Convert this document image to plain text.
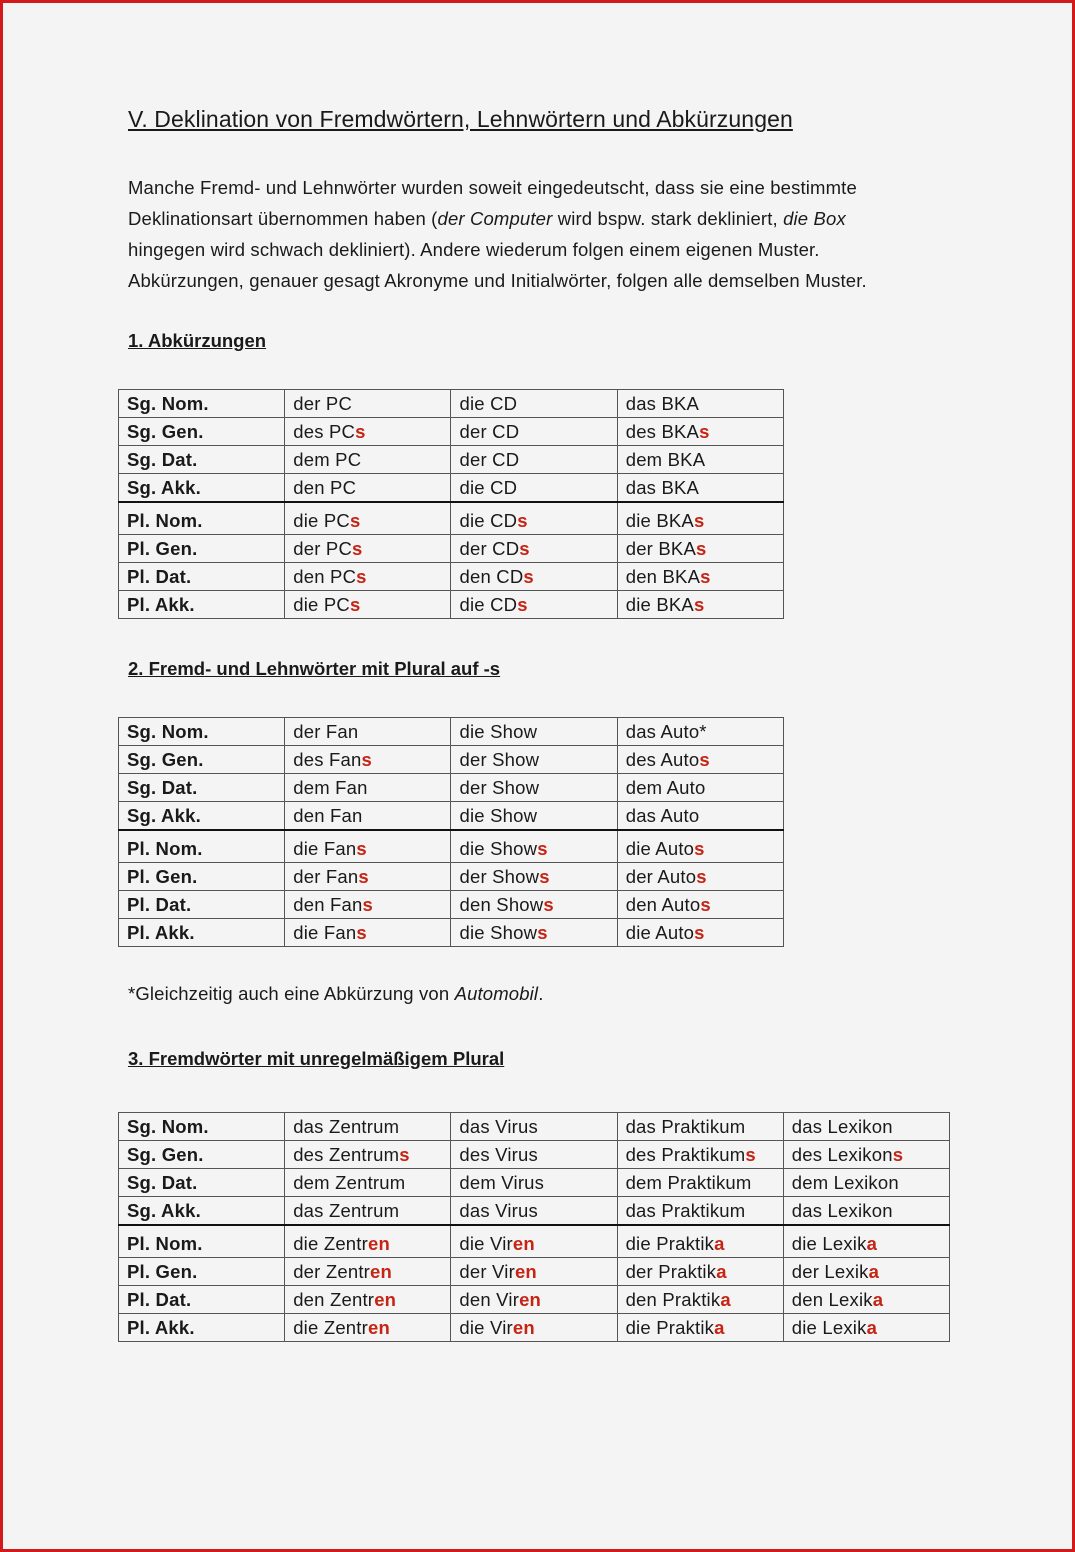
V. Deklination von Fremdwörtern, Lehnwörtern und Abkürzungen
Manche Fremd- und Lehnwörter wurden soweit eingedeutscht, dass sie eine bestimmte Deklinationsart übernommen haben (der Computer wird bspw. stark dekliniert, die Box hingegen wird schwach dekliniert). Andere wiederum folgen einem eigenen Muster. Abkürzungen, genauer gesagt Akronyme und Initialwörter, folgen alle demselben Muster.
1. Abkürzungen
Sg. Nom.	der PC	die CD	das BKA
Sg. Gen.	des PCs	der CD	des BKAs
Sg. Dat.	dem PC	der CD	dem BKA
Sg. Akk.	den PC	die CD	das BKA
Pl. Nom.	die PCs	die CDs	die BKAs
Pl. Gen.	der PCs	der CDs	der BKAs
Pl. Dat.	den PCs	den CDs	den BKAs
Pl. Akk.	die PCs	die CDs	die BKAs
2. Fremd- und Lehnwörter mit Plural auf -s
Sg. Nom.	der Fan	die Show	das Auto*
Sg. Gen.	des Fans	der Show	des Autos
Sg. Dat.	dem Fan	der Show	dem Auto
Sg. Akk.	den Fan	die Show	das Auto
Pl. Nom.	die Fans	die Shows	die Autos
Pl. Gen.	der Fans	der Shows	der Autos
Pl. Dat.	den Fans	den Shows	den Autos
Pl. Akk.	die Fans	die Shows	die Autos
*Gleichzeitig auch eine Abkürzung von Automobil.
3. Fremdwörter mit unregelmäßigem Plural
Sg. Nom.	das Zentrum	das Virus	das Praktikum	das Lexikon
Sg. Gen.	des Zentrums	des Virus	des Praktikums	des Lexikons
Sg. Dat.	dem Zentrum	dem Virus	dem Praktikum	dem Lexikon
Sg. Akk.	das Zentrum	das Virus	das Praktikum	das Lexikon
Pl. Nom.	die Zentren	die Viren	die Praktika	die Lexika
Pl. Gen.	der Zentren	der Viren	der Praktika	der Lexika
Pl. Dat.	den Zentren	den Viren	den Praktika	den Lexika
Pl. Akk.	die Zentren	die Viren	die Praktika	die Lexika
